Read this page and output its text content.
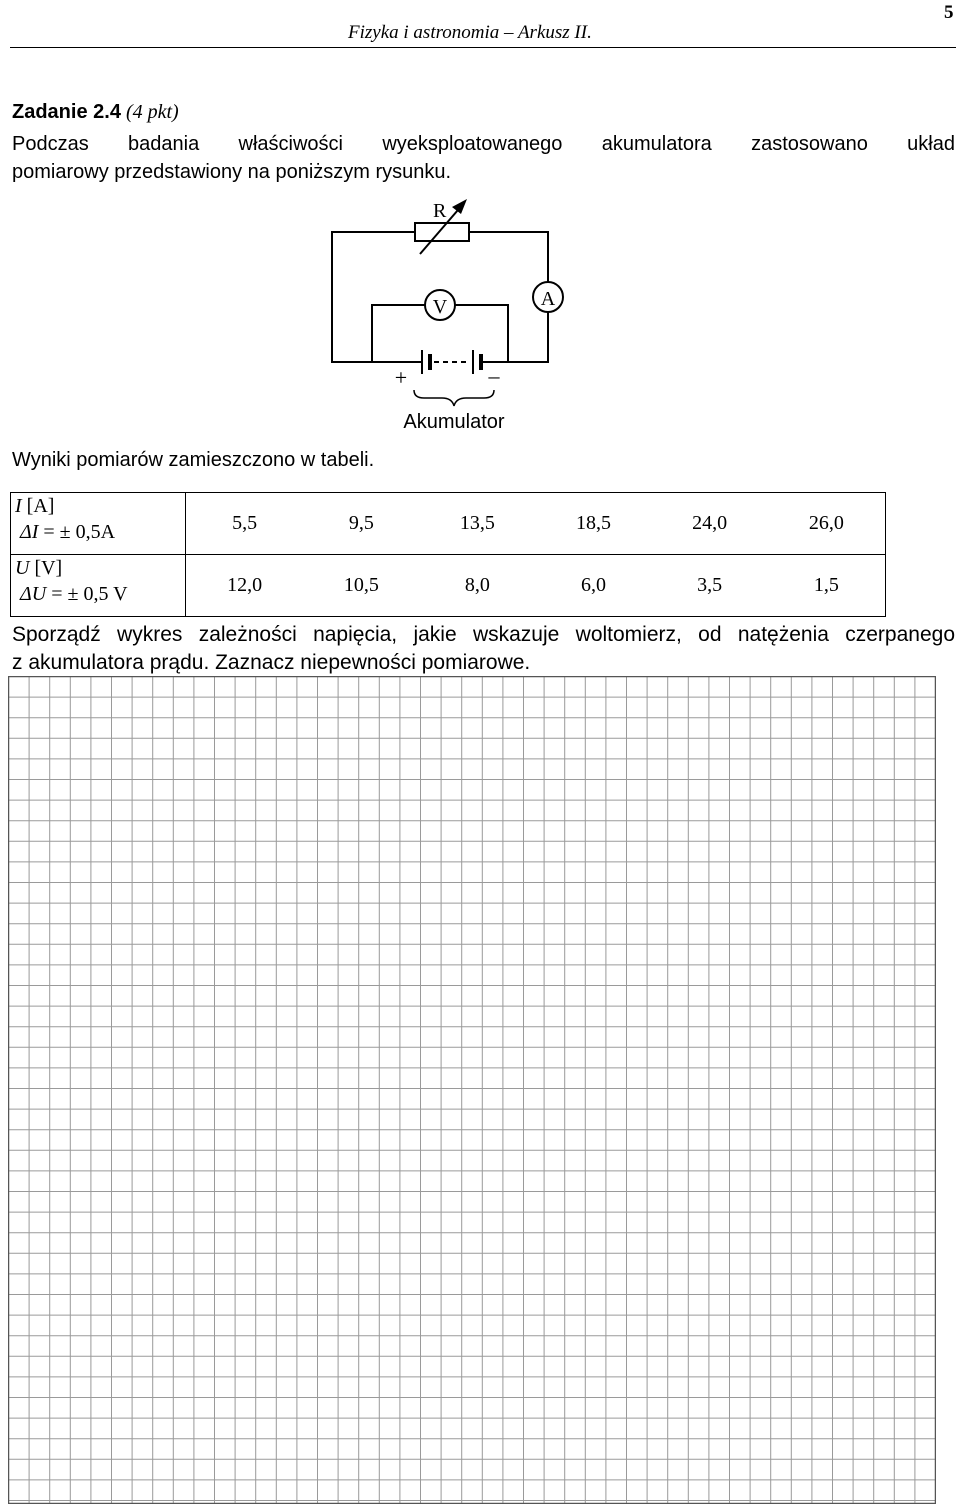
Fizyka i astronomia – Arkusz II.
5
Zadanie 2.4 (4 pkt)
Podczas badania właściwości wyeksploatowanego akumulatora zastosowano układ
pomiarowy przedstawiony na poniższym rysunku.
R
V	A
+	–
Akumulator
Wyniki pomiarów zamieszczono w tabeli.
I [A]
ΔI = ± 0,5A	5,5	9,5	13,5	18,5	24,0	26,0
U [V]
ΔU = ± 0,5 V	12,0	10,5	8,0	6,0	3,5	1,5
Sporządź wykres zależności napięcia, jakie wskazuje woltomierz, od natężenia czerpanego
z akumulatora prądu. Zaznacz niepewności pomiarowe.
